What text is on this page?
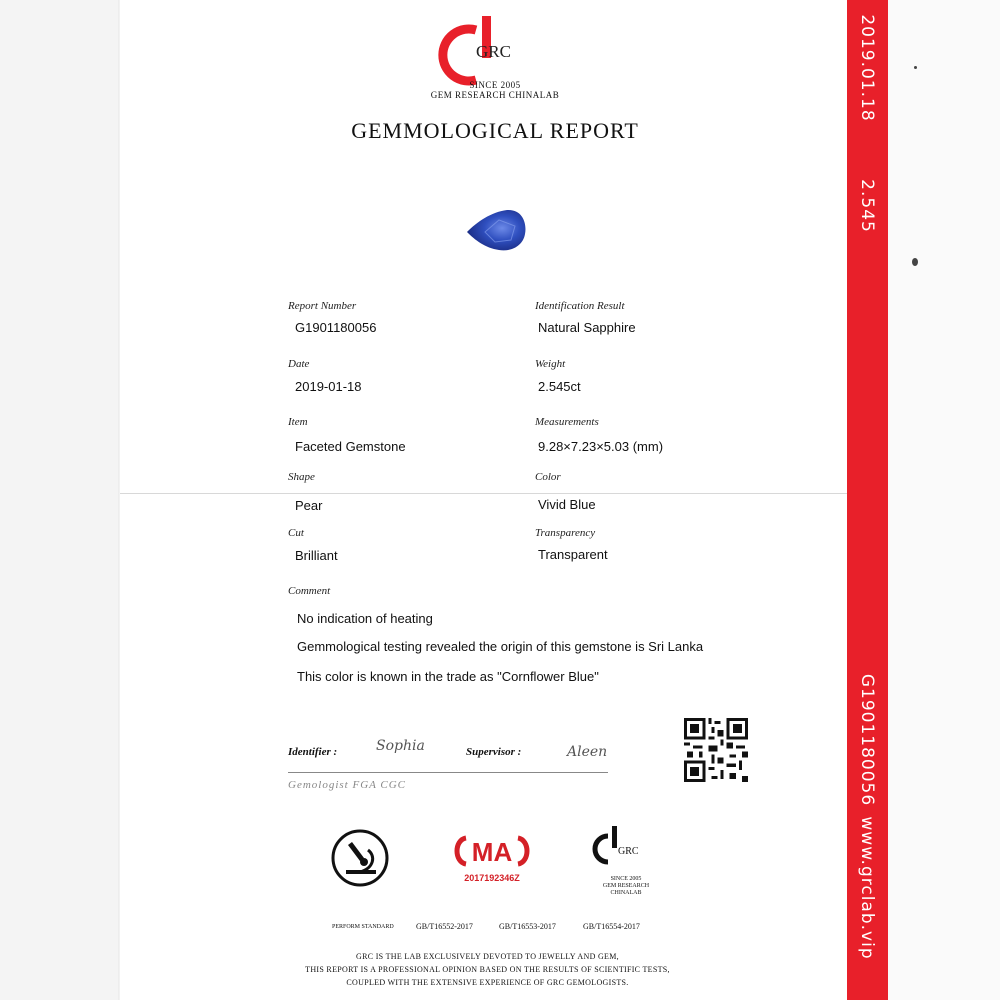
2019.01.18
2.545
G1901180056
www.grclab.vip
GRC
SINCE 2005
GEM RESEARCH CHINALAB
GEMMOLOGICAL REPORT
Report Number
G1901180056
Date
2019-01-18
Item
Faceted Gemstone
Shape
Pear
Cut
Brilliant
Identification Result
Natural Sapphire
Weight
2.545ct
Measurements
9.28×7.23×5.03 (mm)
Color
Vivid Blue
Transparency
Transparent
Comment
No indication of heating
Gemmological testing revealed the origin of this gemstone is Sri Lanka
This color is known in the trade as "Cornflower Blue"
Identifier :	Sophia	Supervisor :	Aleen
Gemologist FGA CGC
MA
2017192346Z
GRC
SINCE 2005
GEM RESEARCH CHINALAB
PERFORM STANDARD	GB/T16552-2017	GB/T16553-2017	GB/T16554-2017
GRC IS THE LAB EXCLUSIVELY DEVOTED TO JEWELLY AND GEM,
THIS REPORT IS A PROFESSIONAL OPINION BASED ON THE RESULTS OF SCIENTIFIC TESTS,
COUPLED WITH THE EXTENSIVE EXPERIENCE OF GRC GEMOLOGISTS.
